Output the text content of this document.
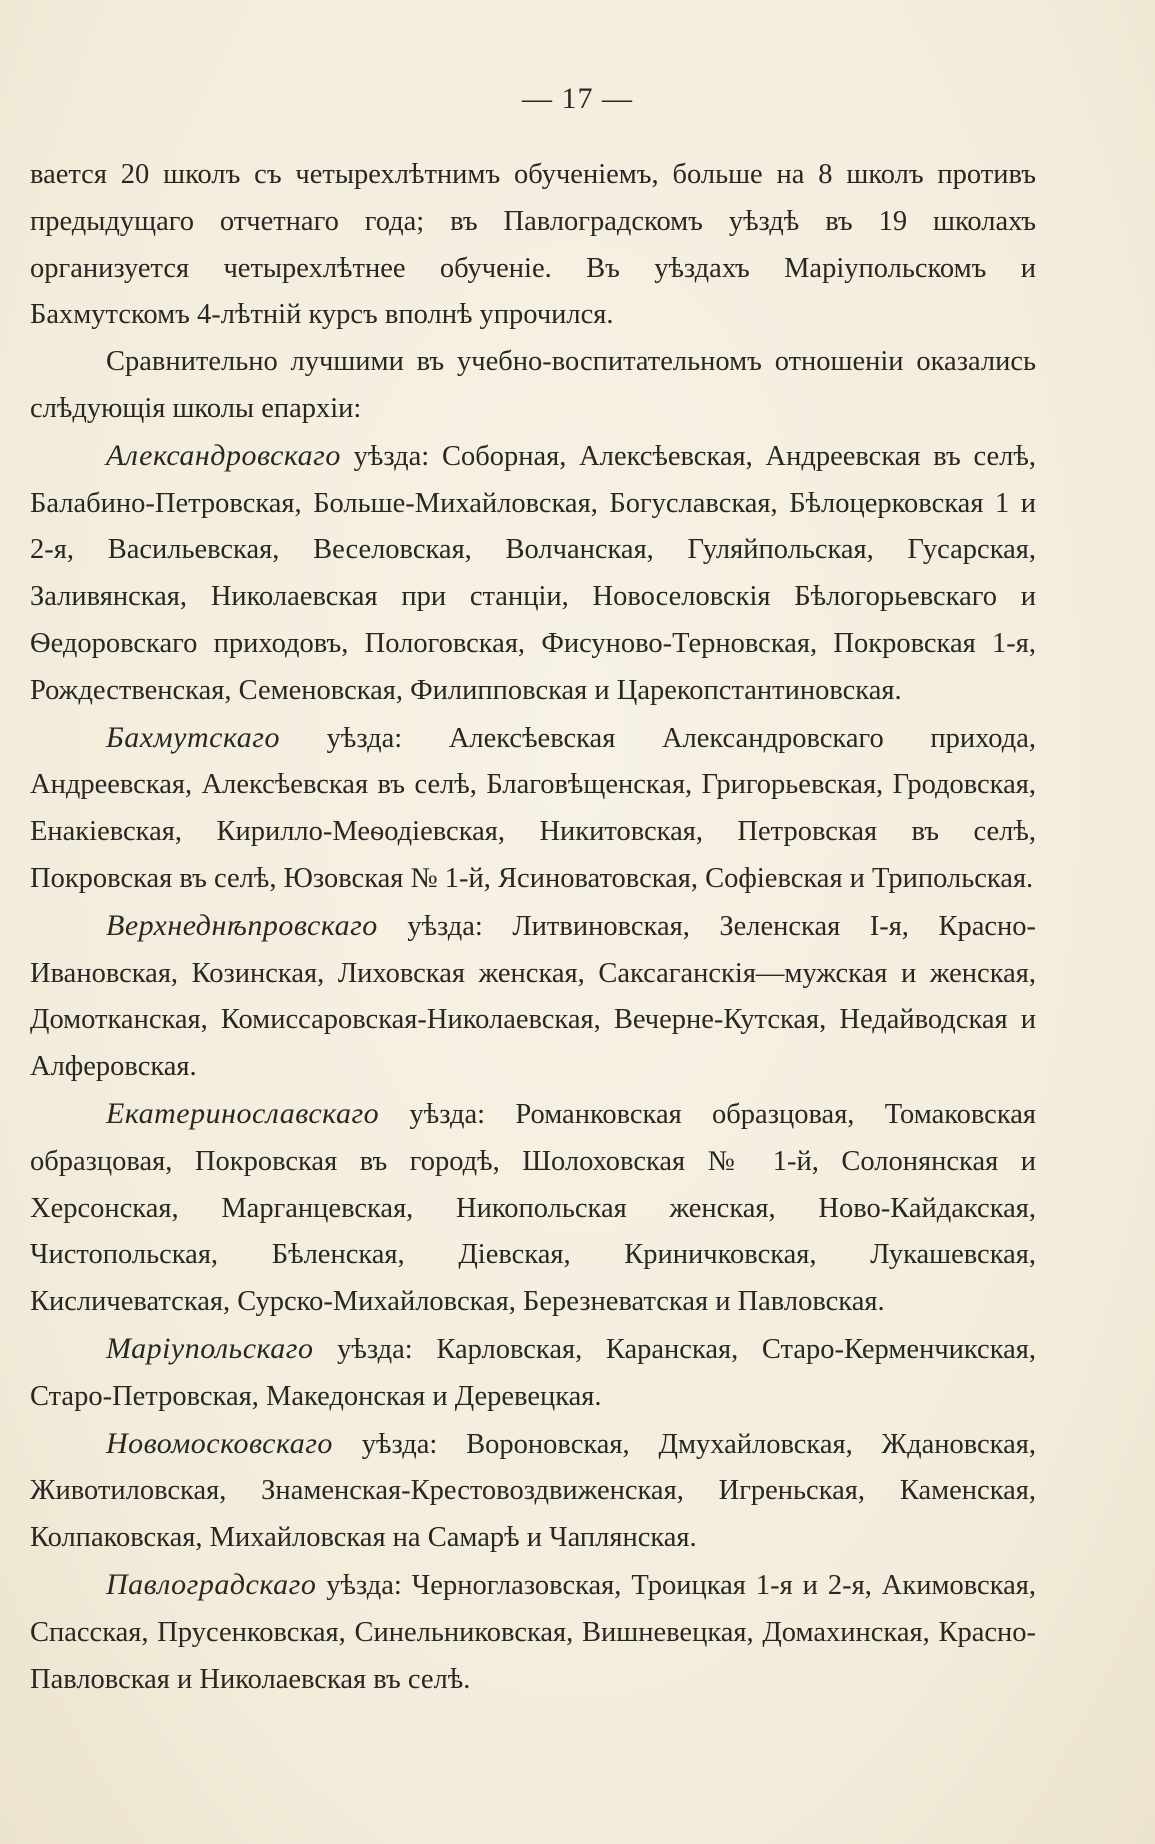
— 17 —

вается 20 школъ съ четырехлѣтнимъ обученіемъ, больше на 8 школъ противъ предыдущаго отчетнаго года; въ Павлоградскомъ уѣздѣ въ 19 школахъ организуется четырехлѣтнее обученіе. Въ уѣздахъ Маріупольскомъ и Бахмутскомъ 4-лѣтній курсъ вполнѣ упрочился.

Сравнительно лучшими въ учебно-воспитательномъ отношеніи оказались слѣдующія школы епархіи:

Александровскаго уѣзда: Соборная, Алексѣевская, Андреевская въ селѣ, Балабино-Петровская, Больше-Михайловская, Богуславская, Бѣлоцерковская 1 и 2-я, Васильевская, Веселовская, Волчанская, Гуляйпольская, Гусарская, Заливянская, Николаевская при станціи, Новоселовскія Бѣлогорьевскаго и Ѳедоровскаго приходовъ, Пологовская, Фисуново-Терновская, Покровская 1-я, Рождественская, Семеновская, Филипповская и Царекопстантиновская.

Бахмутскаго уѣзда: Алексѣевская Александровскаго прихода, Андреевская, Алексѣевская въ селѣ, Благовѣщенская, Григорьевская, Гродовская, Енакіевская, Кирилло-Меѳодіевская, Никитовская, Петровская въ селѣ, Покровская въ селѣ, Юзовская № 1-й, Ясиноватовская, Софіевская и Трипольская.

Верхнеднѣпровскаго уѣзда: Литвиновская, Зеленская І-я, Красно-Ивановская, Козинская, Лиховская женская, Саксаганскія—мужская и женская, Домотканская, Комиссаровская-Николаевская, Вечерне-Кутская, Недайводская и Алферовская.

Екатеринославскаго уѣзда: Романковская образцовая, Томаковская образцовая, Покровская въ городѣ, Шолоховская № 1-й, Солонянская и Херсонская, Марганцевская, Никопольская женская, Ново-Кайдакская, Чистопольская, Бѣленская, Діевская, Криничковская, Лукашевская, Кисличеватская, Сурско-Михайловская, Березневатская и Павловская.

Маріупольскаго уѣзда: Карловская, Каранская, Старо-Керменчикская, Старо-Петровская, Македонская и Деревецкая.

Новомосковскаго уѣзда: Вороновская, Дмухайловская, Ждановская, Животиловская, Знаменская-Крестовоздвиженская, Игреньская, Каменская, Колпаковская, Михайловская на Самарѣ и Чаплянская.

Павлоградскаго уѣзда: Черноглазовская, Троицкая 1-я и 2-я, Акимовская, Спасская, Прусенковская, Синельниковская, Вишневецкая, Домахинская, Красно-Павловская и Николаевская въ селѣ.
